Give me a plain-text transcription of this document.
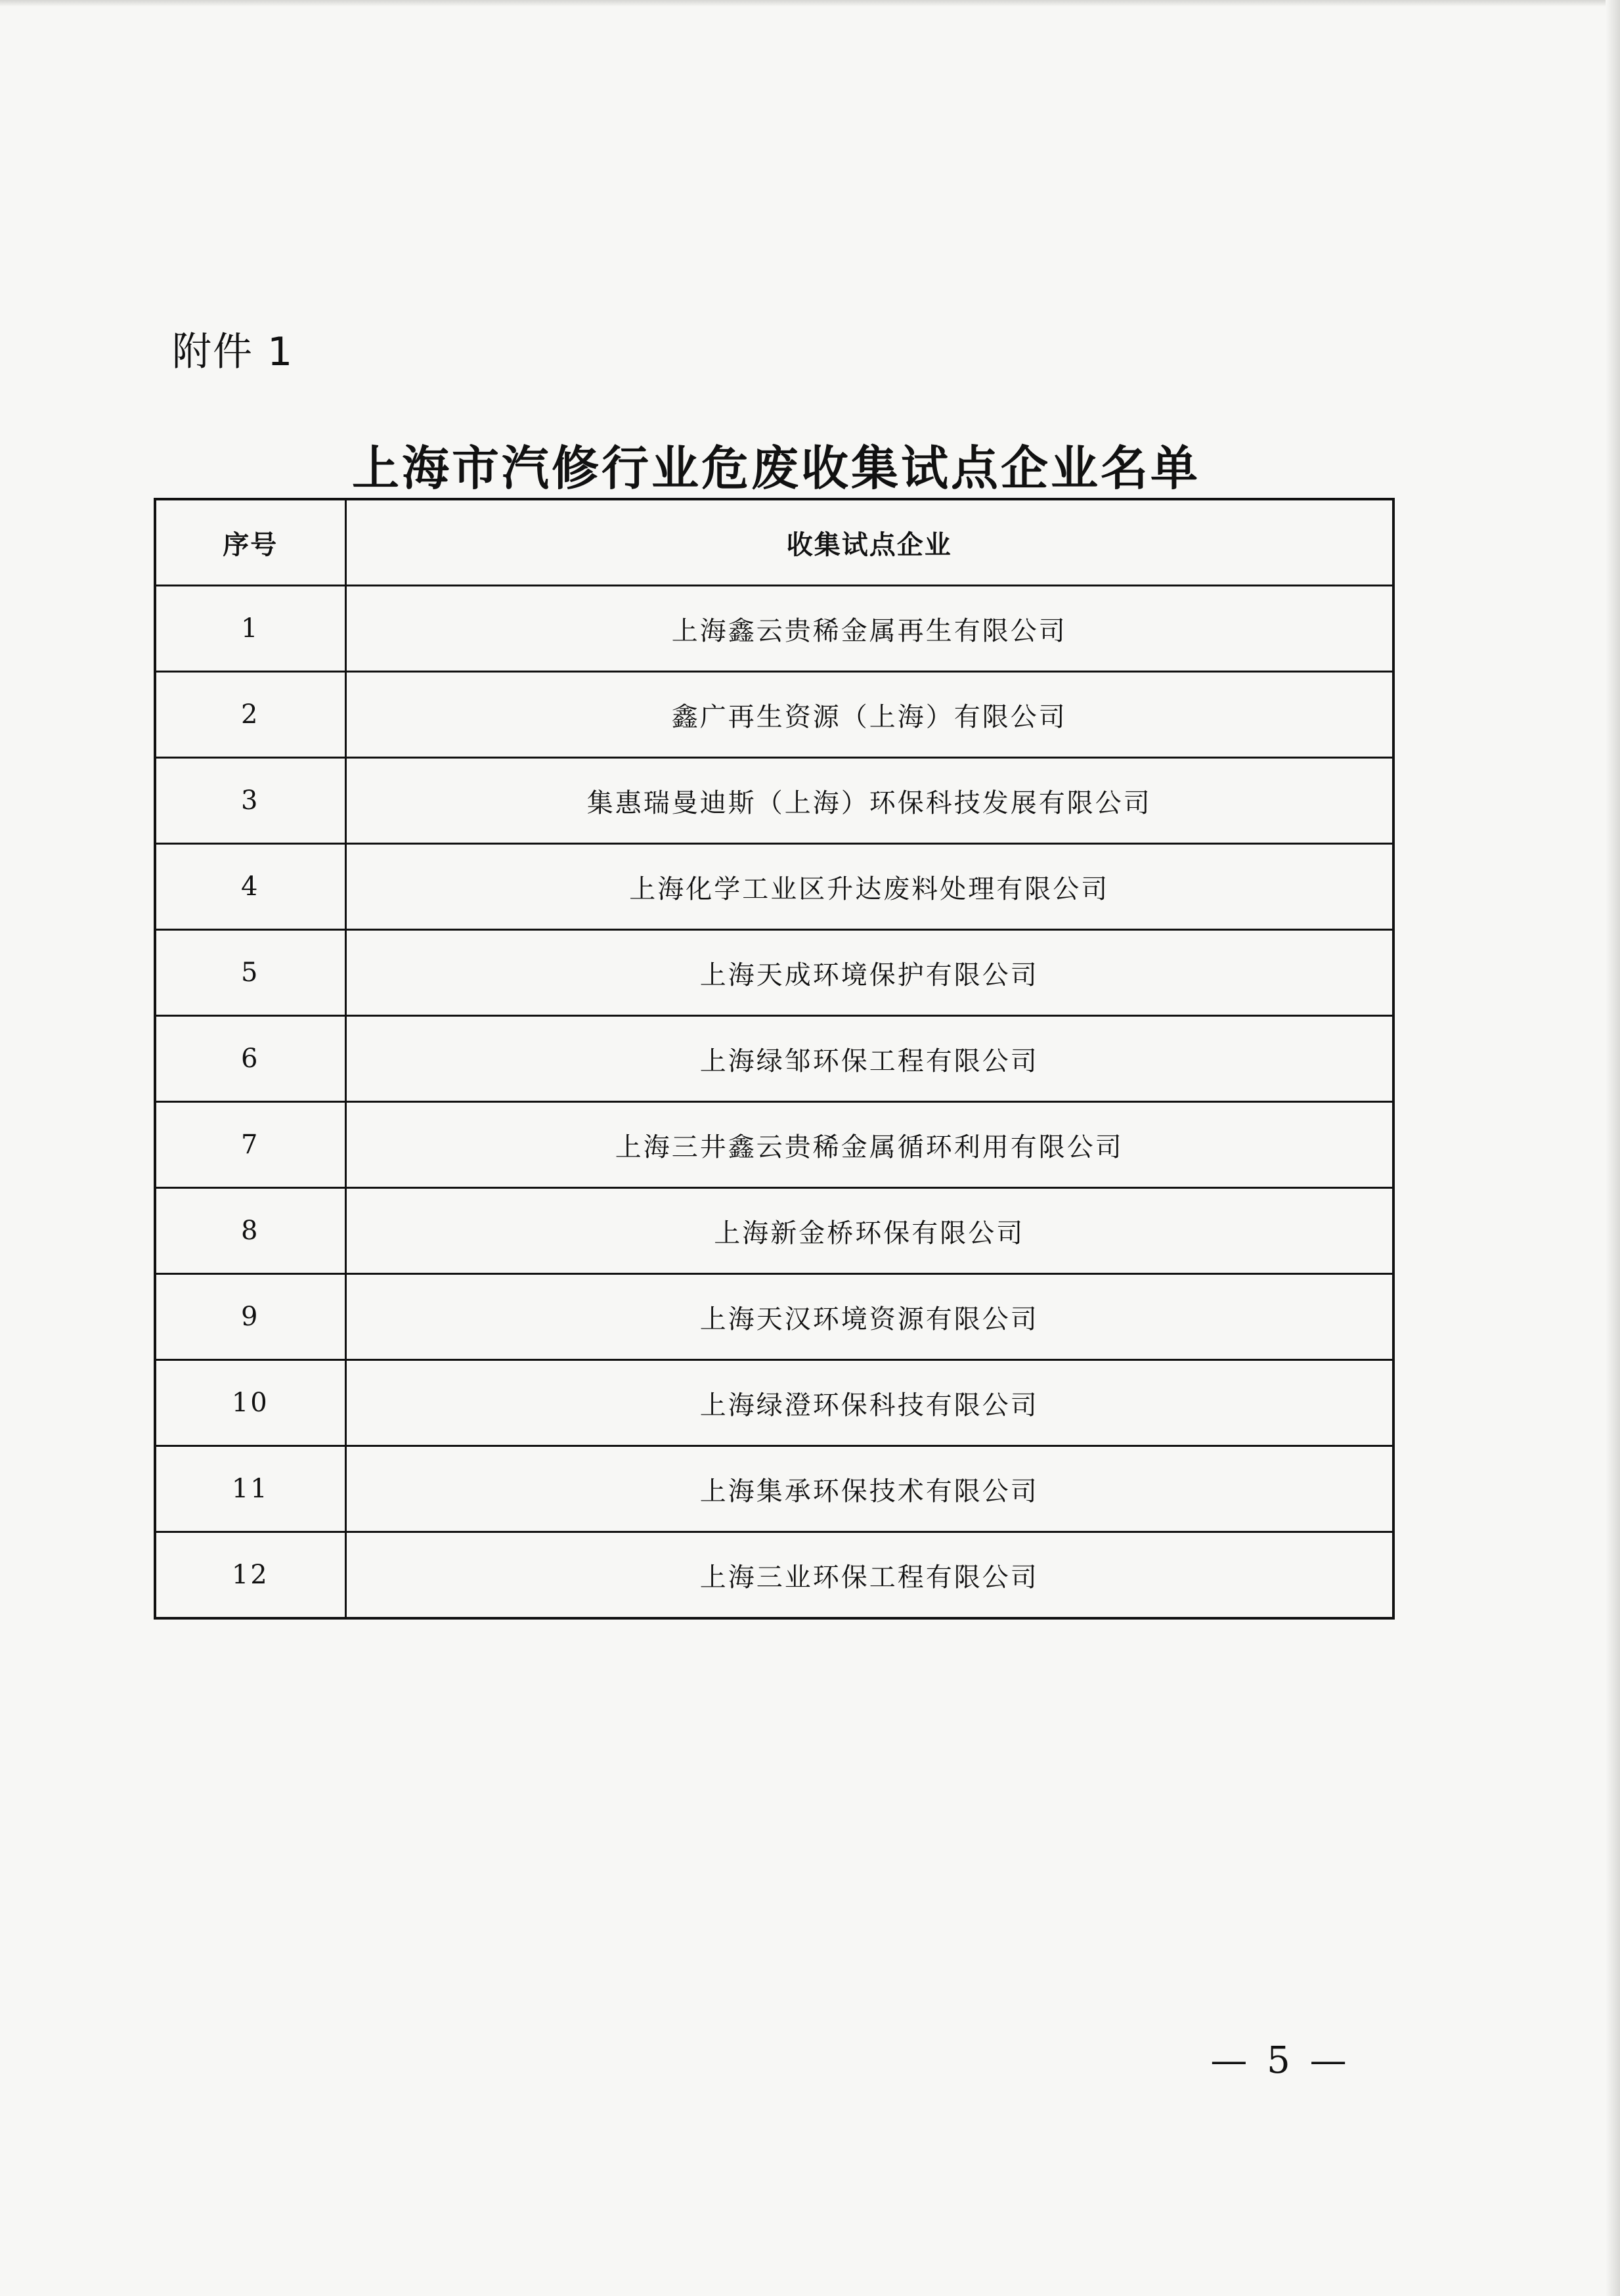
附件 1
上海市汽修行业危废收集试点企业名单
序号	收集试点企业
1	上海鑫云贵稀金属再生有限公司
2	鑫广再生资源（上海）有限公司
3	集惠瑞曼迪斯（上海）环保科技发展有限公司
4	上海化学工业区升达废料处理有限公司
5	上海天成环境保护有限公司
6	上海绿邹环保工程有限公司
7	上海三井鑫云贵稀金属循环利用有限公司
8	上海新金桥环保有限公司
9	上海天汉环境资源有限公司
10	上海绿澄环保科技有限公司
11	上海集承环保技术有限公司
12	上海三业环保工程有限公司
— 5 —
